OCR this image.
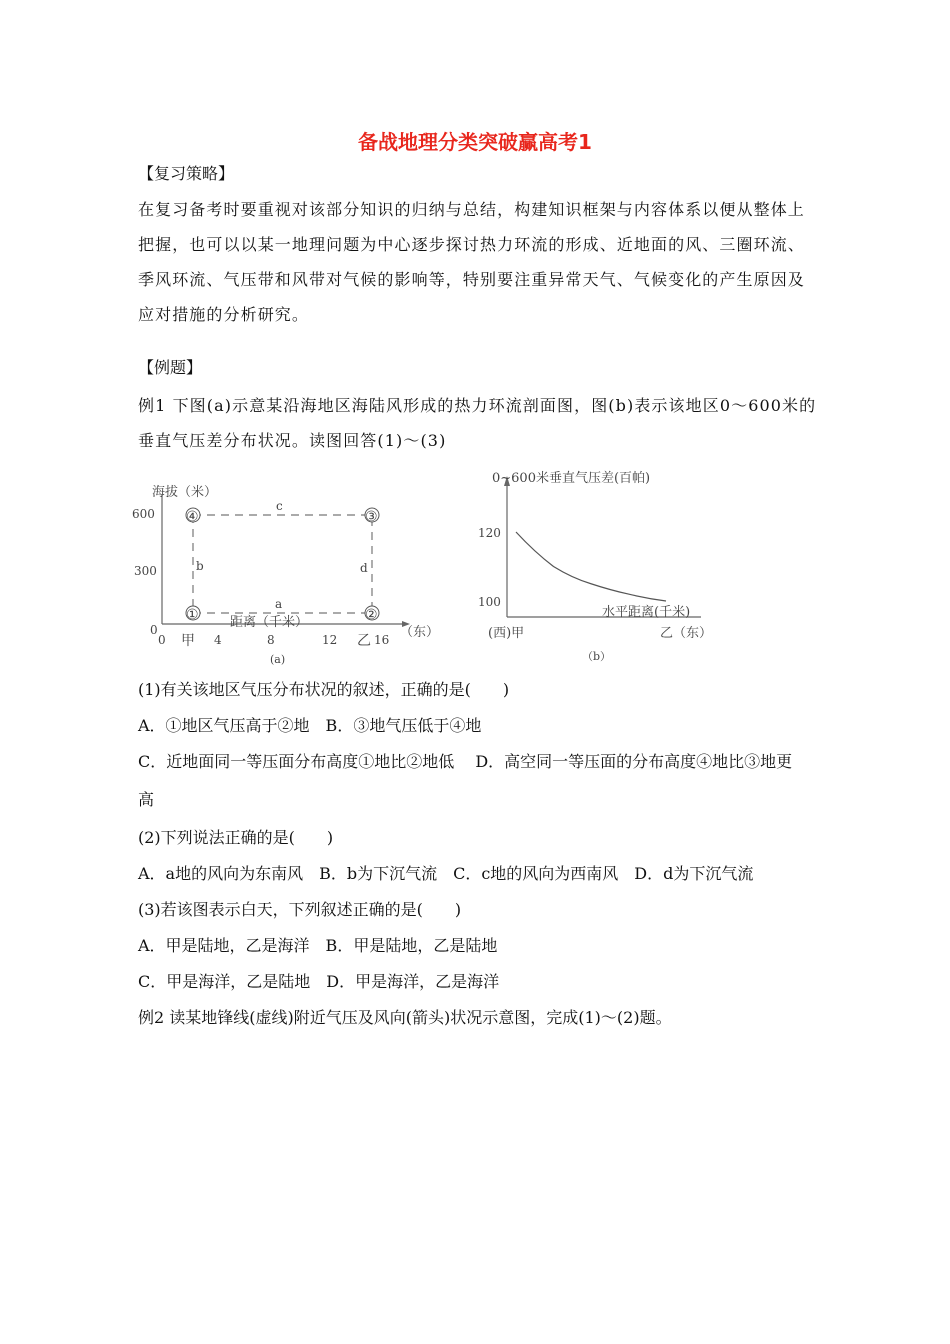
备战地理分类突破赢高考1
【复习策略】
在复习备考时要重视对该部分知识的归纳与总结，构建知识框架与内容体系以便从整体上把握，也可以以某一地理问题为中心逐步探讨热力环流的形成、近地面的风、三圈环流、季风环流、气压带和风带对气候的影响等，特别要注重异常天气、气候变化的产生原因及应对措施的分析研究。
【例题】
例1 下图(a)示意某沿海地区海陆风形成的热力环流剖面图，图(b)表示该地区0～600米的垂直气压差分布状况。读图回答(1)～(3)
海拔（米）
600
300
0
①	②
③
④
a
b
c
d
距离（千米）
0	4	8	12	16
甲	乙
（东）
(a)
0~600米垂直气压差(百帕)
120
100
水平距离(千米)
(西)甲	乙（东）
（b）
(1)有关该地区气压分布状况的叙述，正确的是(　　)
A．①地区气压高于②地　B．③地气压低于④地
C．近地面同一等压面分布高度①地比②地低　 D．高空同一等压面的分布高度④地比③地更
高
(2)下列说法正确的是(　　)
A．a地的风向为东南风　B．b为下沉气流　C．c地的风向为西南风　D．d为下沉气流
(3)若该图表示白天，下列叙述正确的是(　　)
A．甲是陆地，乙是海洋　B．甲是陆地，乙是陆地
C．甲是海洋，乙是陆地　D．甲是海洋，乙是海洋
例2 读某地锋线(虚线)附近气压及风向(箭头)状况示意图，完成(1)～(2)题。
